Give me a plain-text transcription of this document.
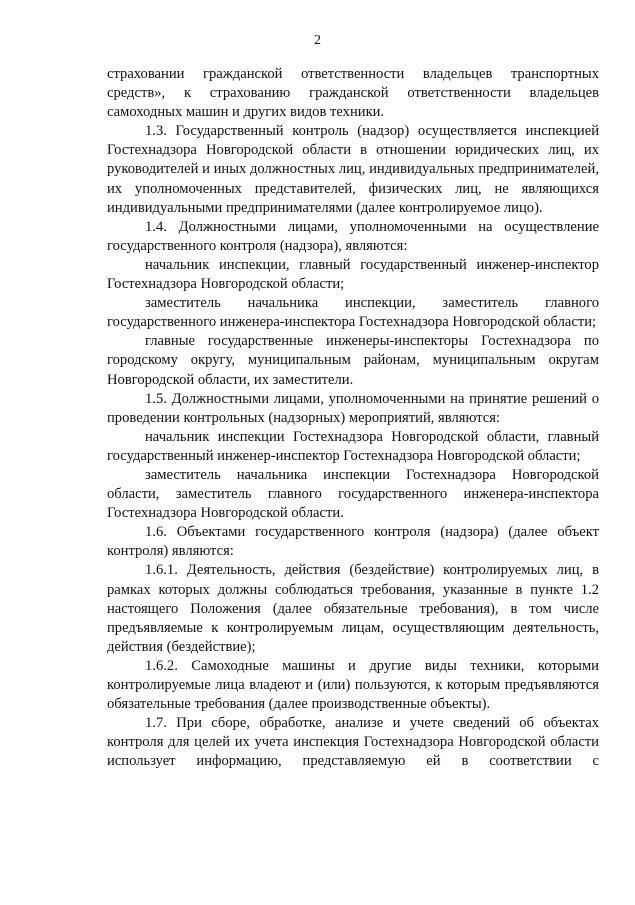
2

страховании гражданской ответственности владельцев транспортных средств», к страхованию гражданской ответственности владельцев самоходных машин и других видов техники.

1.3. Государственный контроль (надзор) осуществляется инспекцией Гостехнадзора Новгородской области в отношении юридических лиц, их руководителей и иных должностных лиц, индивидуальных предпринимателей, их уполномоченных представителей, физических лиц, не являющихся индивидуальными предпринимателями (далее контролируемое лицо).

1.4. Должностными лицами, уполномоченными на осуществление государственного контроля (надзора), являются:

начальник инспекции, главный государственный инженер-инспектор Гостехнадзора Новгородской области;

заместитель начальника инспекции, заместитель главного государственного инженера-инспектора Гостехнадзора Новгородской области;

главные государственные инженеры-инспекторы Гостехнадзора по городскому округу, муниципальным районам, муниципальным округам Новгородской области, их заместители.

1.5. Должностными лицами, уполномоченными на принятие решений о проведении контрольных (надзорных) мероприятий, являются:

начальник инспекции Гостехнадзора Новгородской области, главный государственный инженер-инспектор Гостехнадзора Новгородской области;

заместитель начальника инспекции Гостехнадзора Новгородской области, заместитель главного государственного инженера-инспектора Гостехнадзора Новгородской области.

1.6. Объектами государственного контроля (надзора) (далее объект контроля) являются:

1.6.1. Деятельность, действия (бездействие) контролируемых лиц, в рамках которых должны соблюдаться требования, указанные в пункте 1.2 настоящего Положения (далее обязательные требования), в том числе предъявляемые к контролируемым лицам, осуществляющим деятельность, действия (бездействие);

1.6.2. Самоходные машины и другие виды техники, которыми контролируемые лица владеют и (или) пользуются, к которым предъявляются обязательные требования (далее производственные объекты).

1.7. При сборе, обработке, анализе и учете сведений об объектах контроля для целей их учета инспекция Гостехнадзора Новгородской области использует информацию, представляемую ей в соответствии с
